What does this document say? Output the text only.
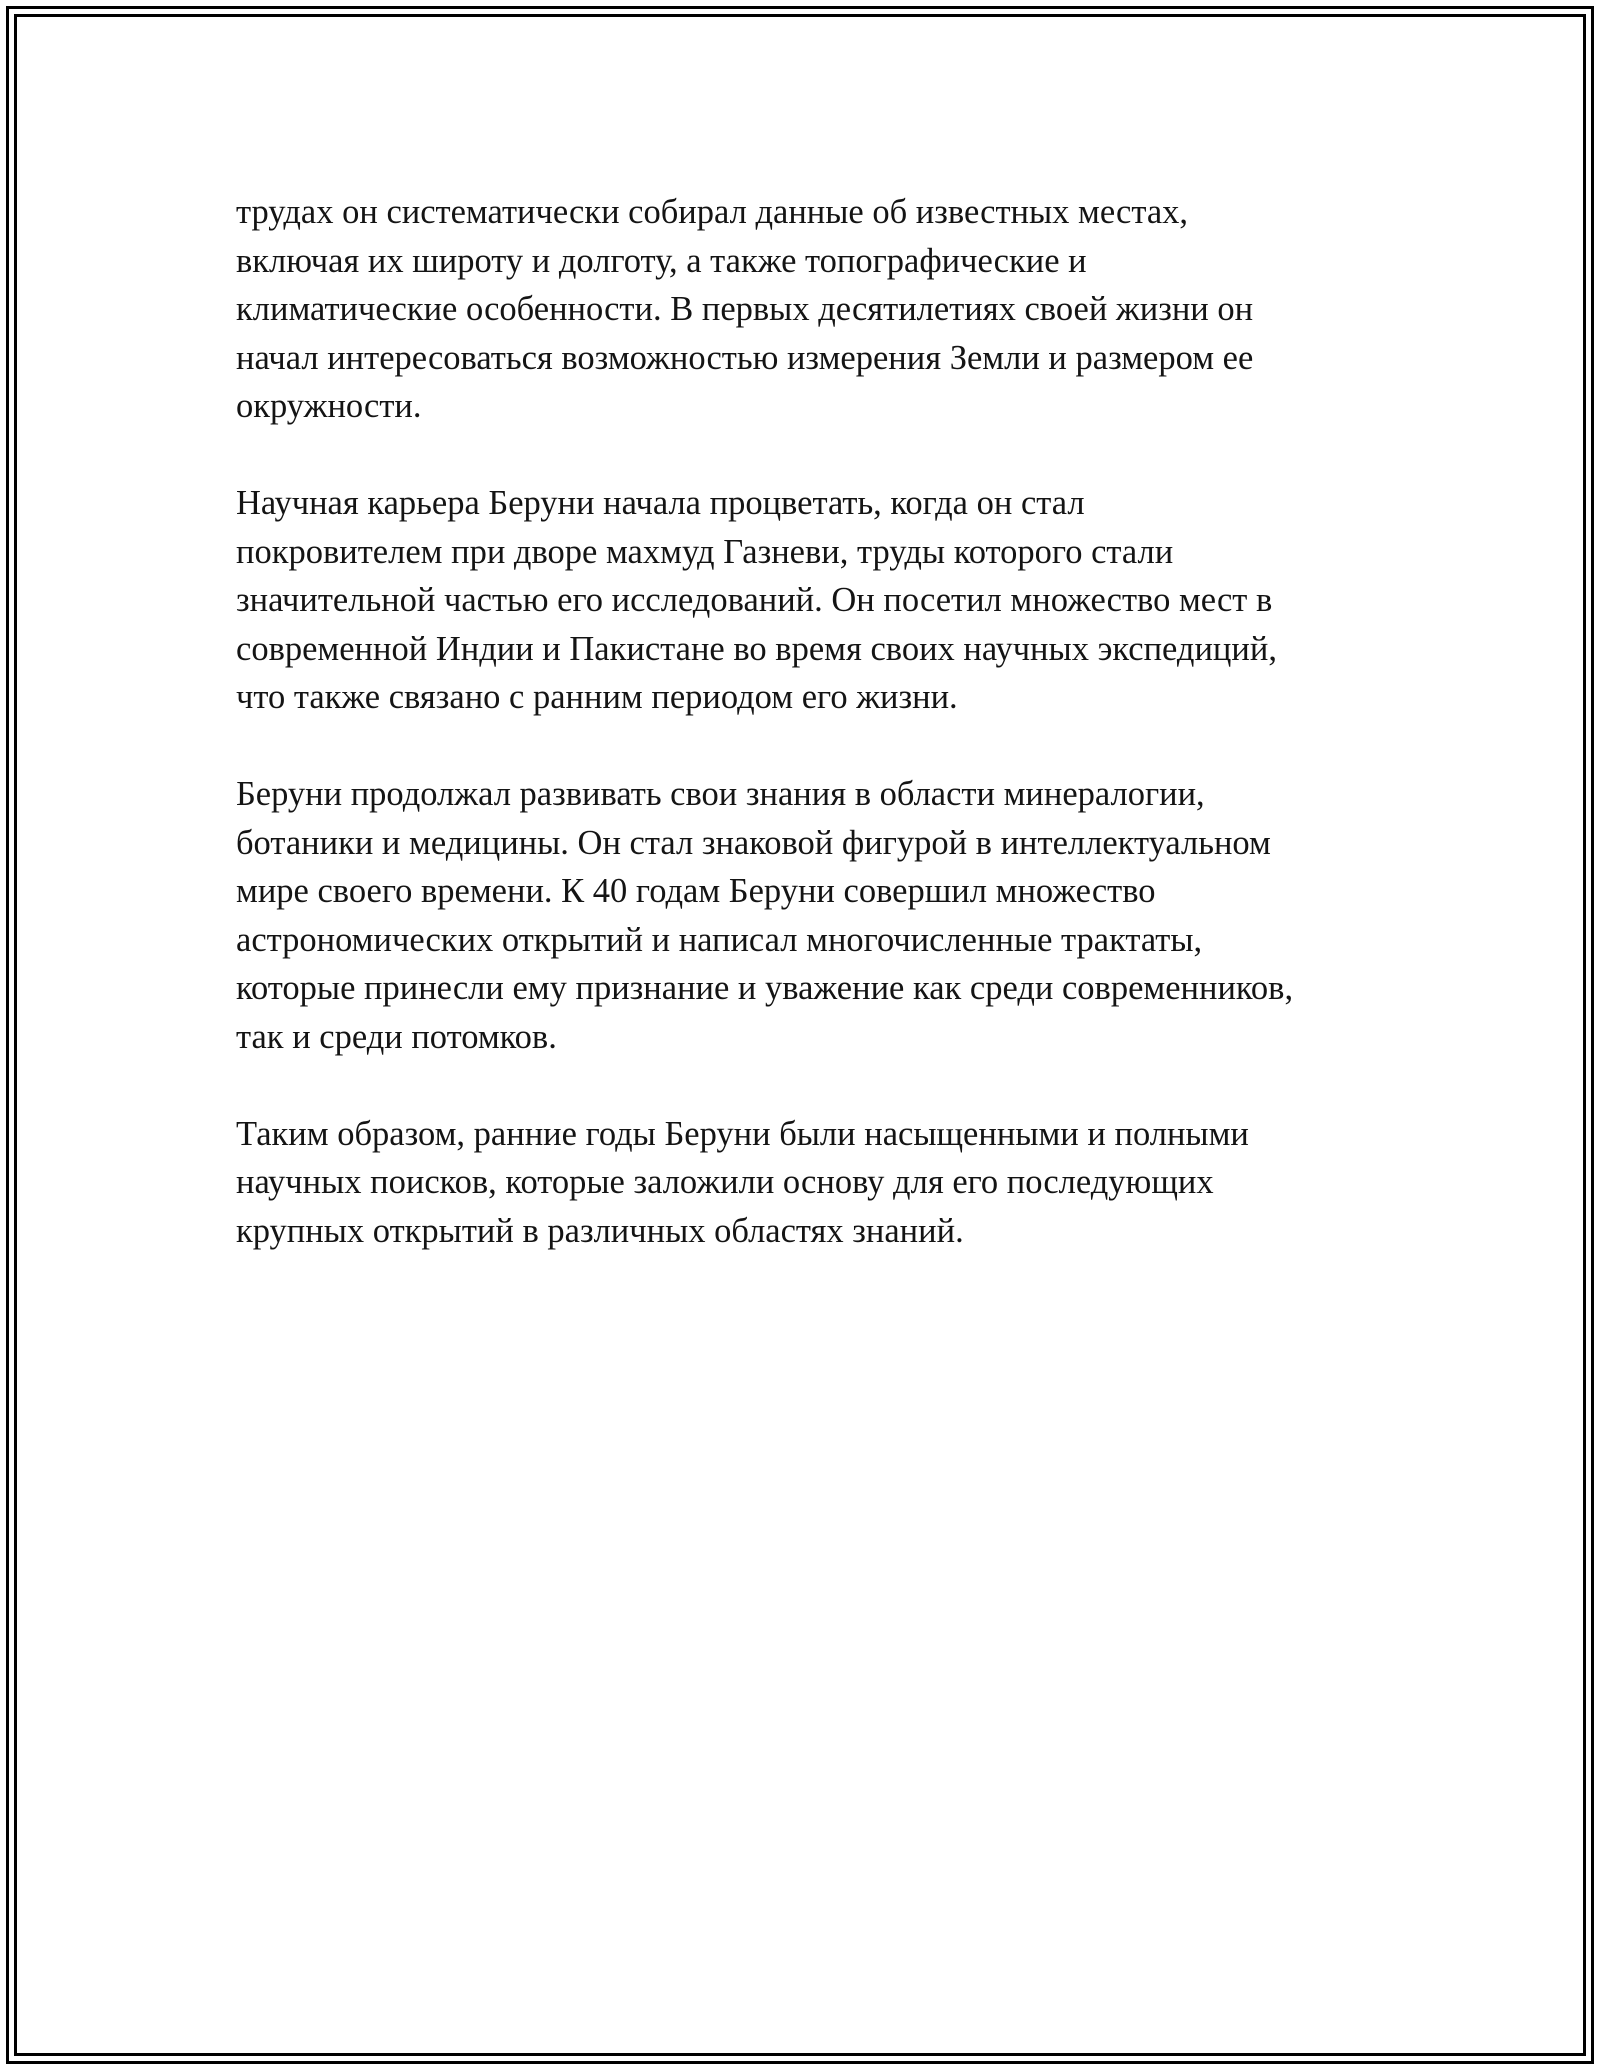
трудах он систематически собирал данные об известных местах,
включая их широту и долготу, а также топографические и
климатические особенности. В первых десятилетиях своей жизни он
начал интересоваться возможностью измерения Земли и размером ее
окружности.
Научная карьера Беруни начала процветать, когда он стал
покровителем при дворе махмуд Газневи, труды которого стали
значительной частью его исследований. Он посетил множество мест в
современной Индии и Пакистане во время своих научных экспедиций,
что также связано с ранним периодом его жизни.
Беруни продолжал развивать свои знания в области минералогии,
ботаники и медицины. Он стал знаковой фигурой в интеллектуальном
мире своего времени. К 40 годам Беруни совершил множество
астрономических открытий и написал многочисленные трактаты,
которые принесли ему признание и уважение как среди современников,
так и среди потомков.
Таким образом, ранние годы Беруни были насыщенными и полными
научных поисков, которые заложили основу для его последующих
крупных открытий в различных областях знаний.
